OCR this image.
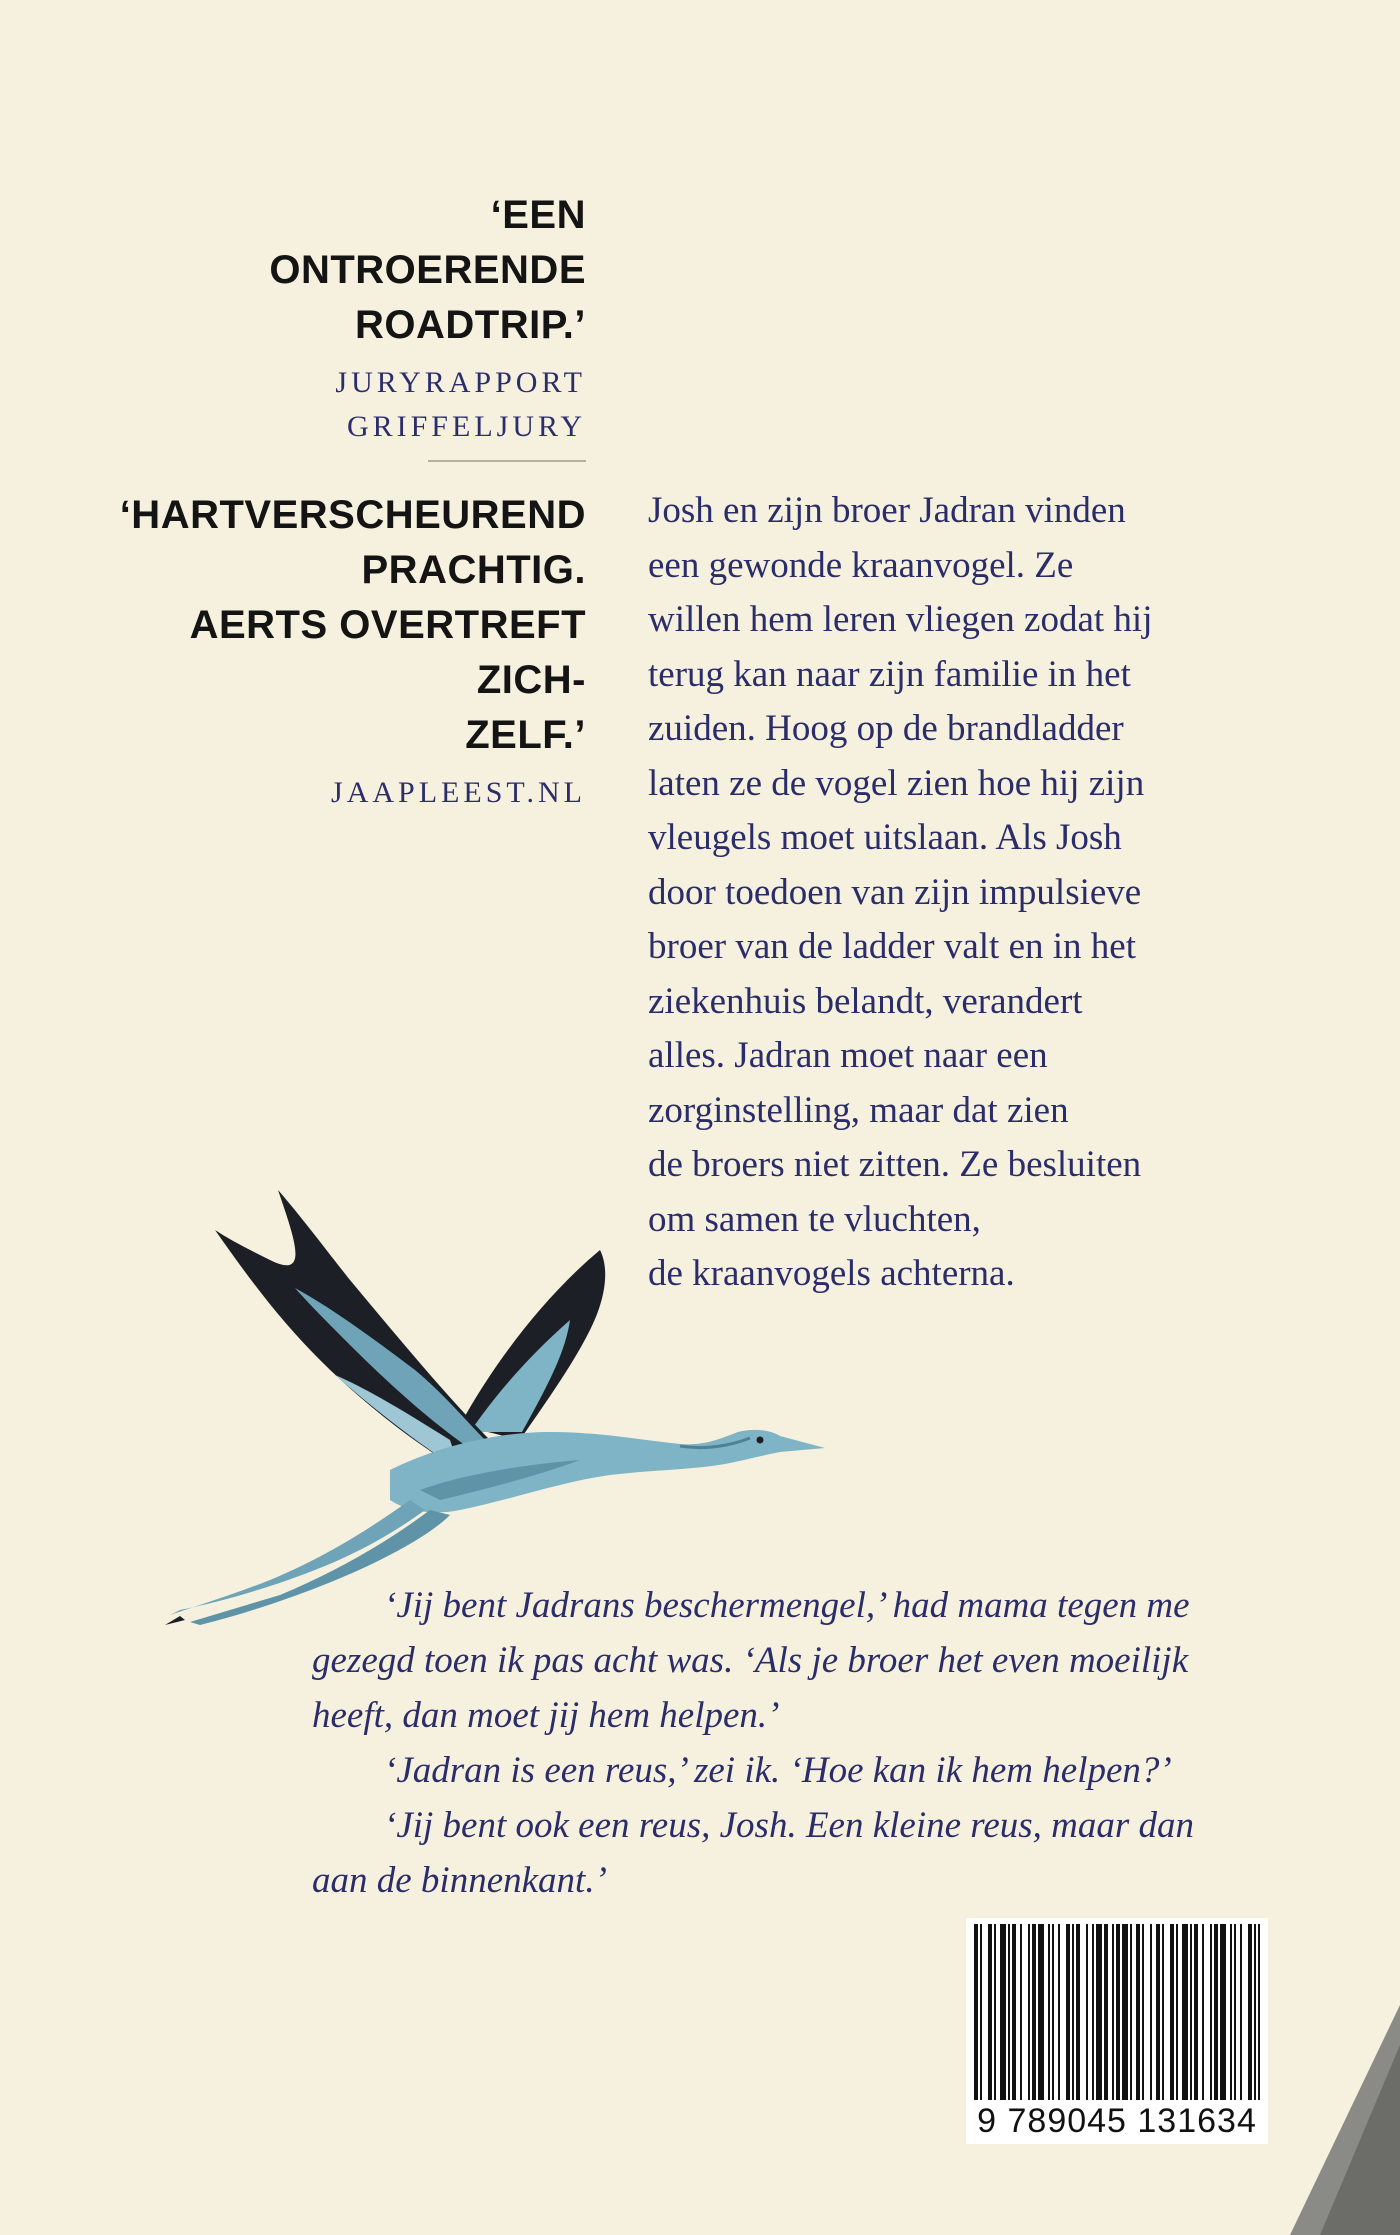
‘EEN
ONTROERENDE
ROADTRIP.’
JURYRAPPORT
GRIFFELJURY
‘HARTVERSCHEUREND
PRACHTIG.
AERTS OVERTREFT ZICH-
ZELF.’
JAAPLEEST.NL
Josh en zijn broer Jadran vinden
een gewonde kraanvogel. Ze
willen hem leren vliegen zodat hij
terug kan naar zijn familie in het
zuiden. Hoog op de brandladder
laten ze de vogel zien hoe hij zijn
vleugels moet uitslaan. Als Josh
door toedoen van zijn impulsieve
broer van de ladder valt en in het
ziekenhuis belandt, verandert
alles. Jadran moet naar een
zorginstelling, maar dat zien
de broers niet zitten. Ze besluiten
om samen te vluchten,
de kraanvogels achterna.
‘Jij bent Jadrans beschermengel,’ had mama tegen me
gezegd toen ik pas acht was. ‘Als je broer het even moeilijk
heeft, dan moet jij hem helpen.’
‘Jadran is een reus,’ zei ik. ‘Hoe kan ik hem helpen?’
‘Jij bent ook een reus, Josh. Een kleine reus, maar dan
aan de binnenkant.’
9 789045 131634
